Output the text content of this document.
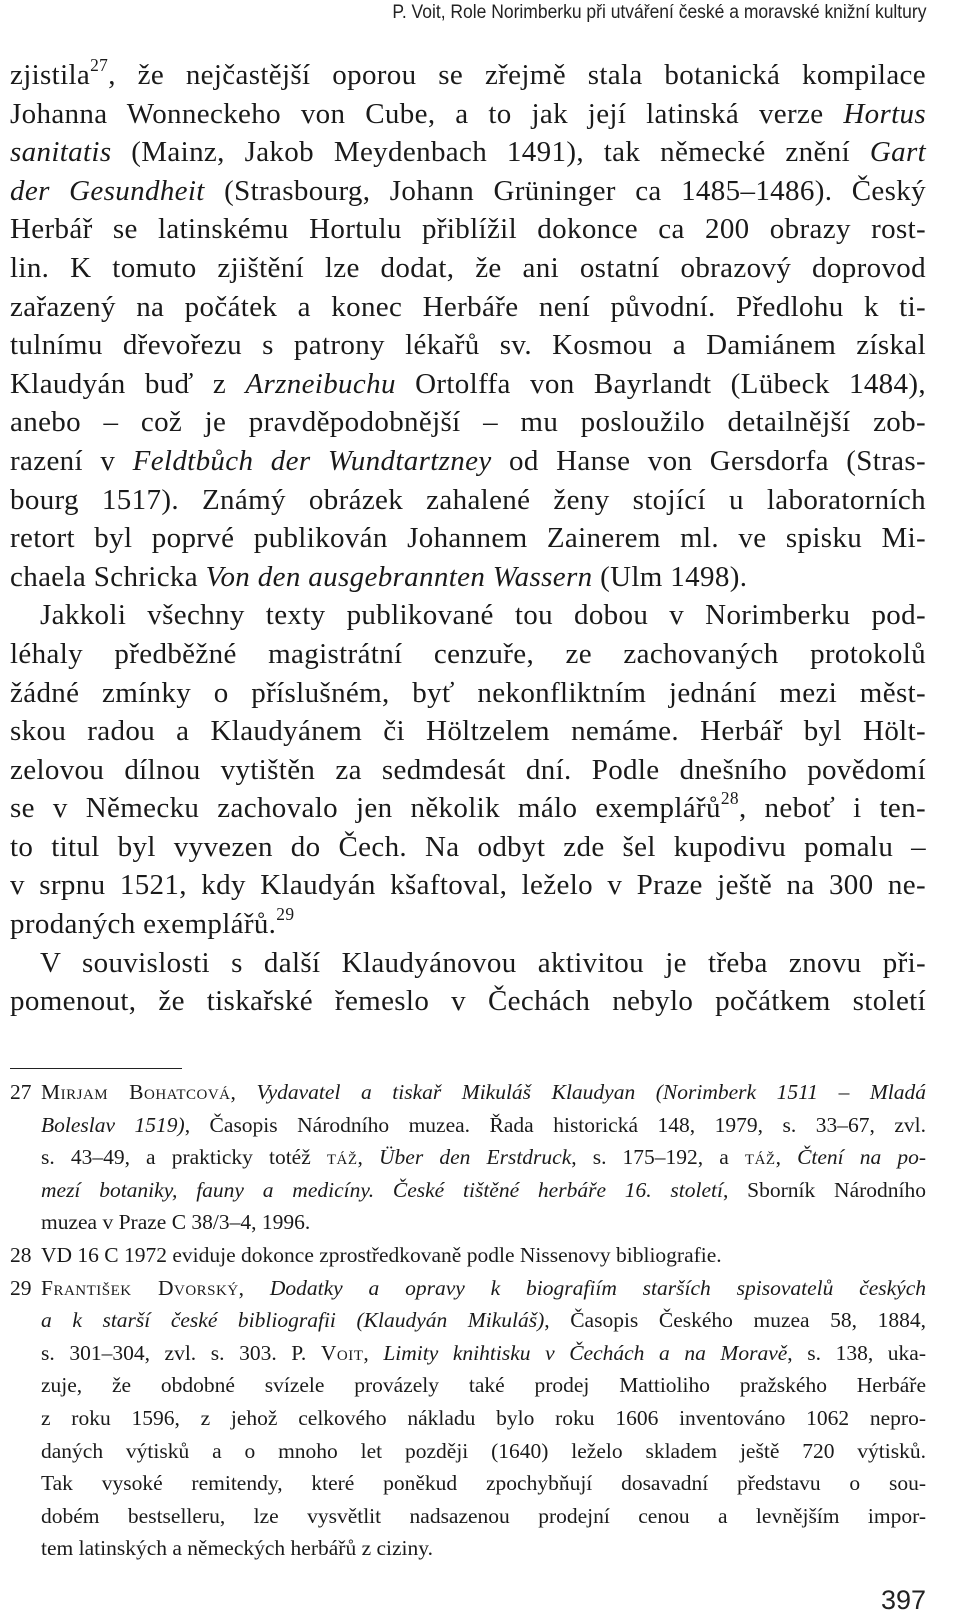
P. Voit, Role Norimberku při utváření české a moravské knižní kultury
zjistila$^{27}$, že nejčastější oporou se zřejmě stala botanická kompilace
Johanna Wonneckeho von Cube, a to jak její latinská verze Hortus
sanitatis (Mainz, Jakob Meydenbach 1491), tak německé znění Gart
der Gesundheit (Strasbourg, Johann Grüninger ca 1485–1486). Český
Herbář se latinskému Hortulu přiblížil dokonce ca 200 obrazy rost-
lin. K tomuto zjištění lze dodat, že ani ostatní obrazový doprovod
zařazený na počátek a konec Herbáře není původní. Předlohu k ti-
tulnímu dřevořezu s patrony lékařů sv. Kosmou a Damiánem získal
Klaudyán buď z Arzneibuchu Ortolffa von Bayrlandt (Lübeck 1484),
anebo – což je pravděpodobnější – mu posloužilo detailnější zob-
razení v Feldtbůch der Wundtartzney od Hanse von Gersdorfa (Stras-
bourg 1517). Známý obrázek zahalené ženy stojící u laboratorních
retort byl poprvé publikován Johannem Zainerem ml. ve spisku Mi-
chaela Schricka Von den ausgebrannten Wassern (Ulm 1498).
Jakkoli všechny texty publikované tou dobou v Norimberku pod-
léhaly předběžné magistrátní cenzuře, ze zachovaných protokolů
žádné zmínky o příslušném, byť nekonfliktním jednání mezi měst-
skou radou a Klaudyánem či Höltzelem nemáme. Herbář byl Hölt-
zelovou dílnou vytištěn za sedmdesát dní. Podle dnešního povědomí
se v Německu zachovalo jen několik málo exemplářů$^{28}$, neboť i ten-
to titul byl vyvezen do Čech. Na odbyt zde šel kupodivu pomalu –
v srpnu 1521, kdy Klaudyán kšaftoval, leželo v Praze ještě na 300 ne-
prodaných exemplářů.$^{29}$
V souvislosti s další Klaudyánovou aktivitou je třeba znovu při-
pomenout, že tiskařské řemeslo v Čechách nebylo počátkem století
27 Mirjam Bohatcová, Vydavatel a tiskař Mikuláš Klaudyan (Norimberk 1511 – Mladá
Boleslav 1519), Časopis Národního muzea. Řada historická 148, 1979, s. 33–67, zvl.
s. 43–49, a prakticky totéž táž, Über den Erstdruck, s. 175–192, a táž, Čtení na po-
mezí botaniky, fauny a medicíny. České tištěné herbáře 16. století, Sborník Národního
muzea v Praze C 38/3–4, 1996.
28 VD 16 C 1972 eviduje dokonce zprostředkovaně podle Nissenovy bibliografie.
29 František Dvorský, Dodatky a opravy k biografiím starších spisovatelů českých
a k starší české bibliografii (Klaudyán Mikuláš), Časopis Českého muzea 58, 1884,
s. 301–304, zvl. s. 303. P. Voit, Limity knihtisku v Čechách a na Moravě, s. 138, uka-
zuje, že obdobné svízele provázely také prodej Mattioliho pražského Herbáře
z roku 1596, z jehož celkového nákladu bylo roku 1606 inventováno 1062 nepro-
daných výtisků a o mnoho let později (1640) leželo skladem ještě 720 výtisků.
Tak vysoké remitendy, které poněkud zpochybňují dosavadní představu o sou-
dobém bestselleru, lze vysvětlit nadsazenou prodejní cenou a levnějším impor-
tem latinských a německých herbářů z ciziny.
397
